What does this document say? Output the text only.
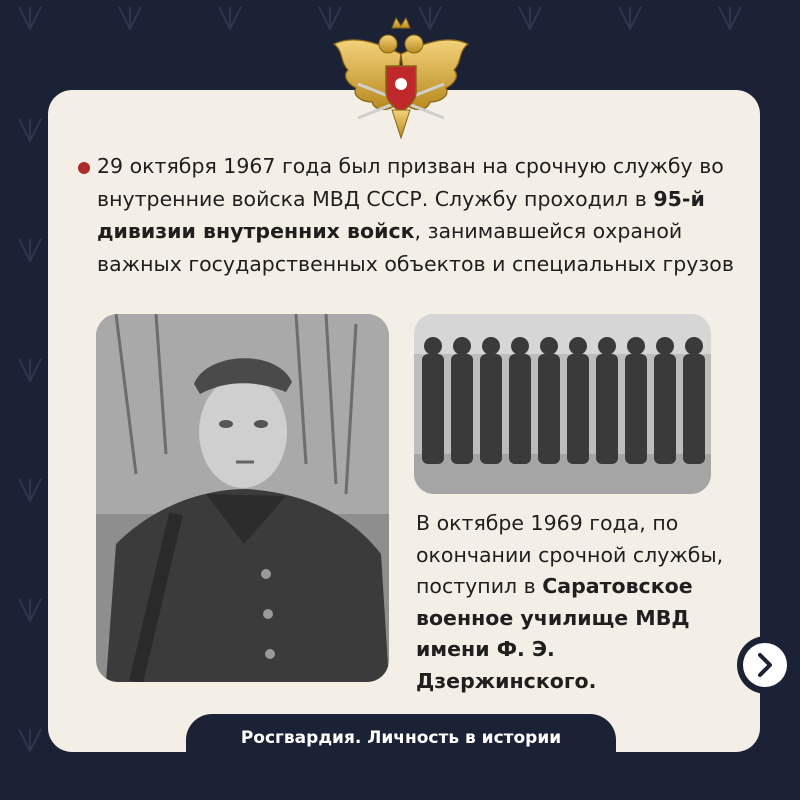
29 октября 1967 года был призван на срочную службу во внутренние войска МВД СССР. Службу проходил в 95-й дивизии внутренних войск, занимавшейся охраной важных государственных объектов и специальных грузов

В октябре 1969 года, по окончании срочной службы, поступил в Саратовское военное училище МВД имени Ф. Э. Дзержинского.

Росгвардия. Личность в истории
